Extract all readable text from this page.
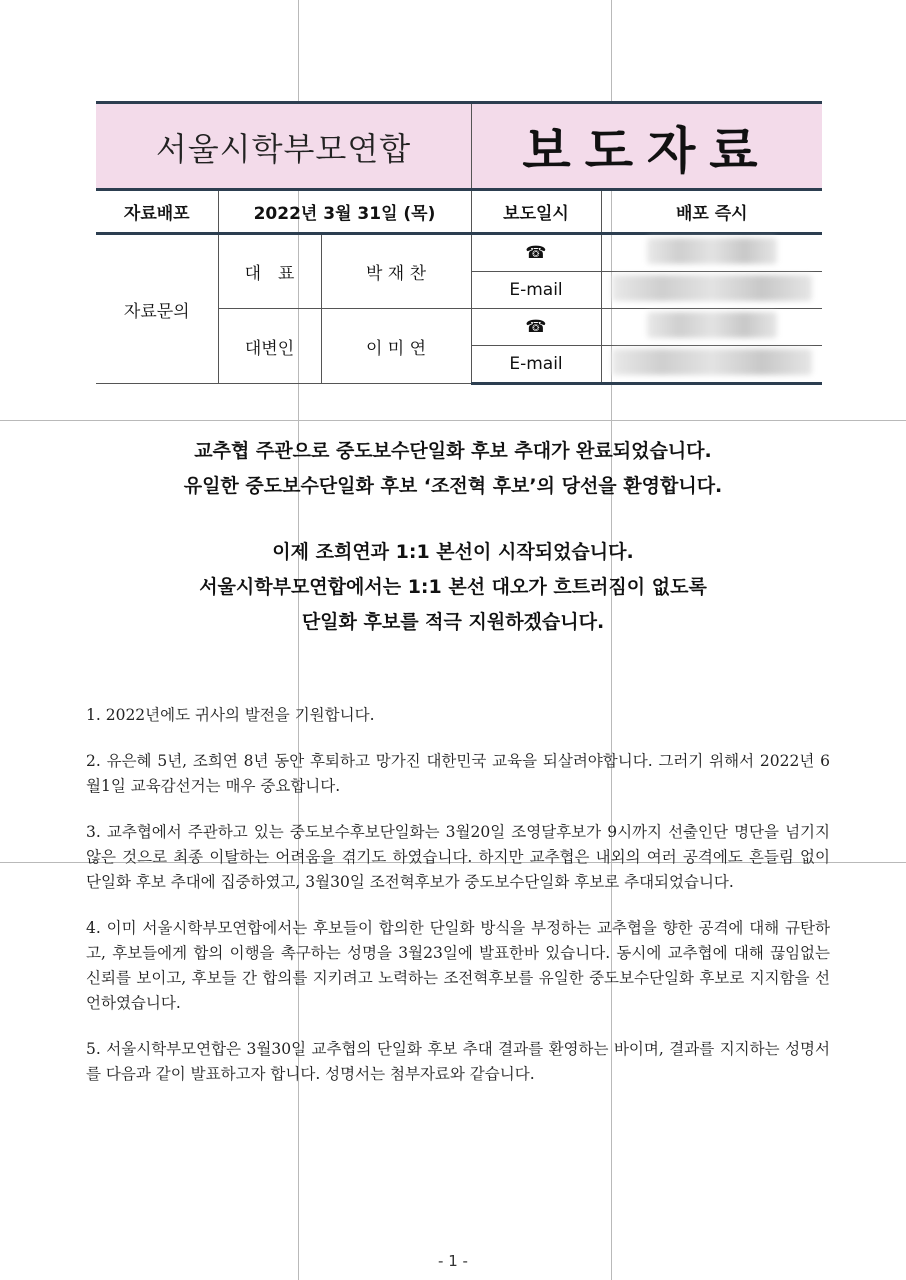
서울시학부모연합	보도자료
자료배포	2022년 3월 31일 (목)		보도일시	배포 즉시
자료문의	대　표	박 재 찬	☎	
			E-mail	
	대변인	이 미 연	☎	
			E-mail	
교추협 주관으로 중도보수단일화 후보 추대가 완료되었습니다.
유일한 중도보수단일화 후보 ‘조전혁 후보’의 당선을 환영합니다.
이제 조희연과 1:1 본선이 시작되었습니다.
서울시학부모연합에서는 1:1 본선 대오가 흐트러짐이 없도록
단일화 후보를 적극 지원하겠습니다.

1. 2022년에도 귀사의 발전을 기원합니다.

2. 유은혜 5년, 조희연 8년 동안 후퇴하고 망가진 대한민국 교육을 되살려야합니다. 그러기 위해서 2022년 6월1일 교육감선거는 매우 중요합니다.

3. 교추협에서 주관하고 있는 중도보수후보단일화는 3월20일 조영달후보가 9시까지 선출인단 명단을 넘기지 않은 것으로 최종 이탈하는 어려움을 겪기도 하였습니다. 하지만 교추협은 내외의 여러 공격에도 흔들림 없이 단일화 후보 추대에 집중하였고, 3월30일 조전혁후보가 중도보수단일화 후보로 추대되었습니다.

4. 이미 서울시학부모연합에서는 후보들이 합의한 단일화 방식을 부정하는 교추협을 향한 공격에 대해 규탄하고, 후보들에게 합의 이행을 촉구하는 성명을 3월23일에 발표한바 있습니다. 동시에 교추협에 대해 끊임없는 신뢰를 보이고, 후보들 간 합의를 지키려고 노력하는 조전혁후보를 유일한 중도보수단일화 후보로 지지함을 선언하였습니다.

5. 서울시학부모연합은 3월30일 교추협의 단일화 후보 추대 결과를 환영하는 바이며, 결과를 지지하는 성명서를 다음과 같이 발표하고자 합니다. 성명서는 첨부자료와 같습니다.

- 1 -
